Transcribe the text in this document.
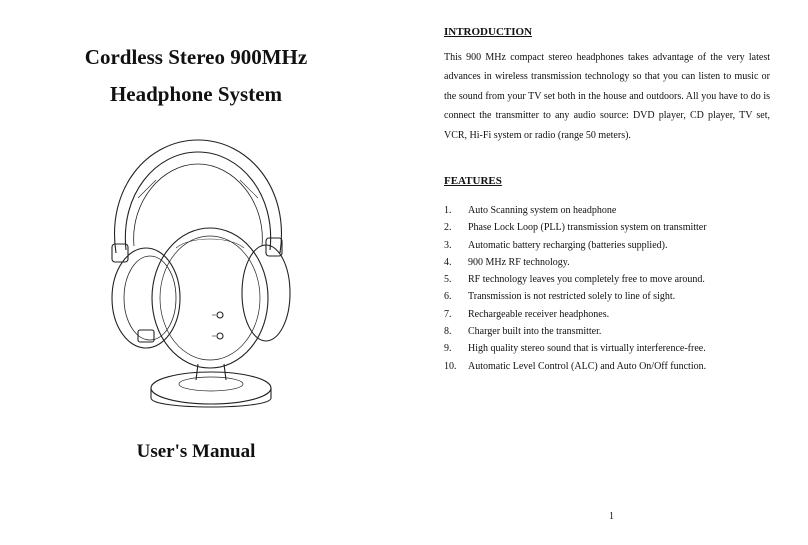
Cordless Stereo 900MHz
Headphone System
User's Manual
INTRODUCTION

This 900 MHz compact stereo headphones takes advantage of the very latest advances in wireless transmission technology so that you can listen to music or the sound from your TV set both in the house and outdoors. All you have to do is connect the transmitter to any audio source: DVD player, CD player, TV set, VCR, Hi-Fi system or radio (range 50 meters).

FEATURES
1.	Auto Scanning system on headphone
2.	Phase Lock Loop (PLL) transmission system on transmitter
3.	Automatic battery recharging (batteries supplied).
4.	900 MHz RF technology.
5.	RF technology leaves you completely free to move around.
6.	Transmission is not restricted solely to line of sight.
7.	Rechargeable receiver headphones.
8.	Charger built into the transmitter.
9.	High quality stereo sound that is virtually interference-free.
10.	Automatic Level Control (ALC) and Auto On/Off function.

1
